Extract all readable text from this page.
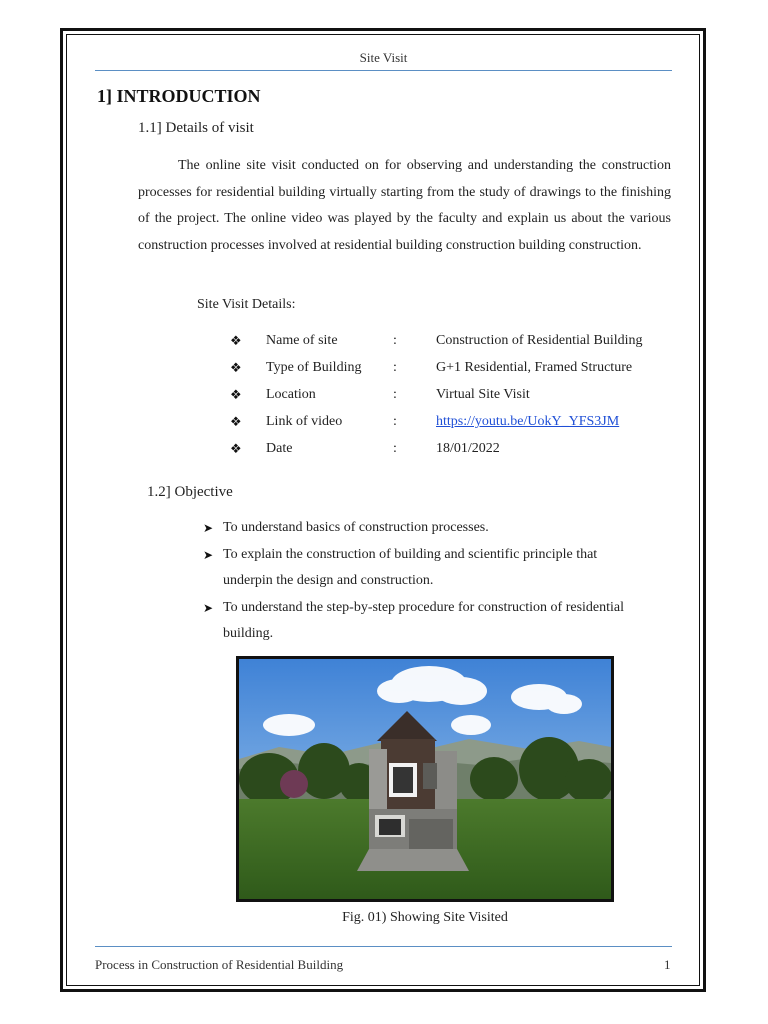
Site Visit
1] INTRODUCTION
1.1] Details of visit
The online site visit conducted on for observing and understanding the construction processes for residential building virtually starting from the study of drawings to the finishing of the project. The online video was played by the faculty and explain us about the various construction processes involved at residential building construction building construction.
Site Visit Details:
❖ Name of site	:	Construction of Residential Building
❖ Type of Building :	G+1 Residential, Framed Structure
❖ Location	:	Virtual Site Visit
❖ Link of video	:	https://youtu.be/UokY_YFS3JM
❖ Date	:	18/01/2022
1.2] Objective
➤ To understand basics of construction processes.
➤ To explain the construction of building and scientific principle that underpin the design and construction.
➤ To understand the step-by-step procedure for construction of residential building.
Fig. 01) Showing Site Visited
Process in Construction of Residential Building	1
